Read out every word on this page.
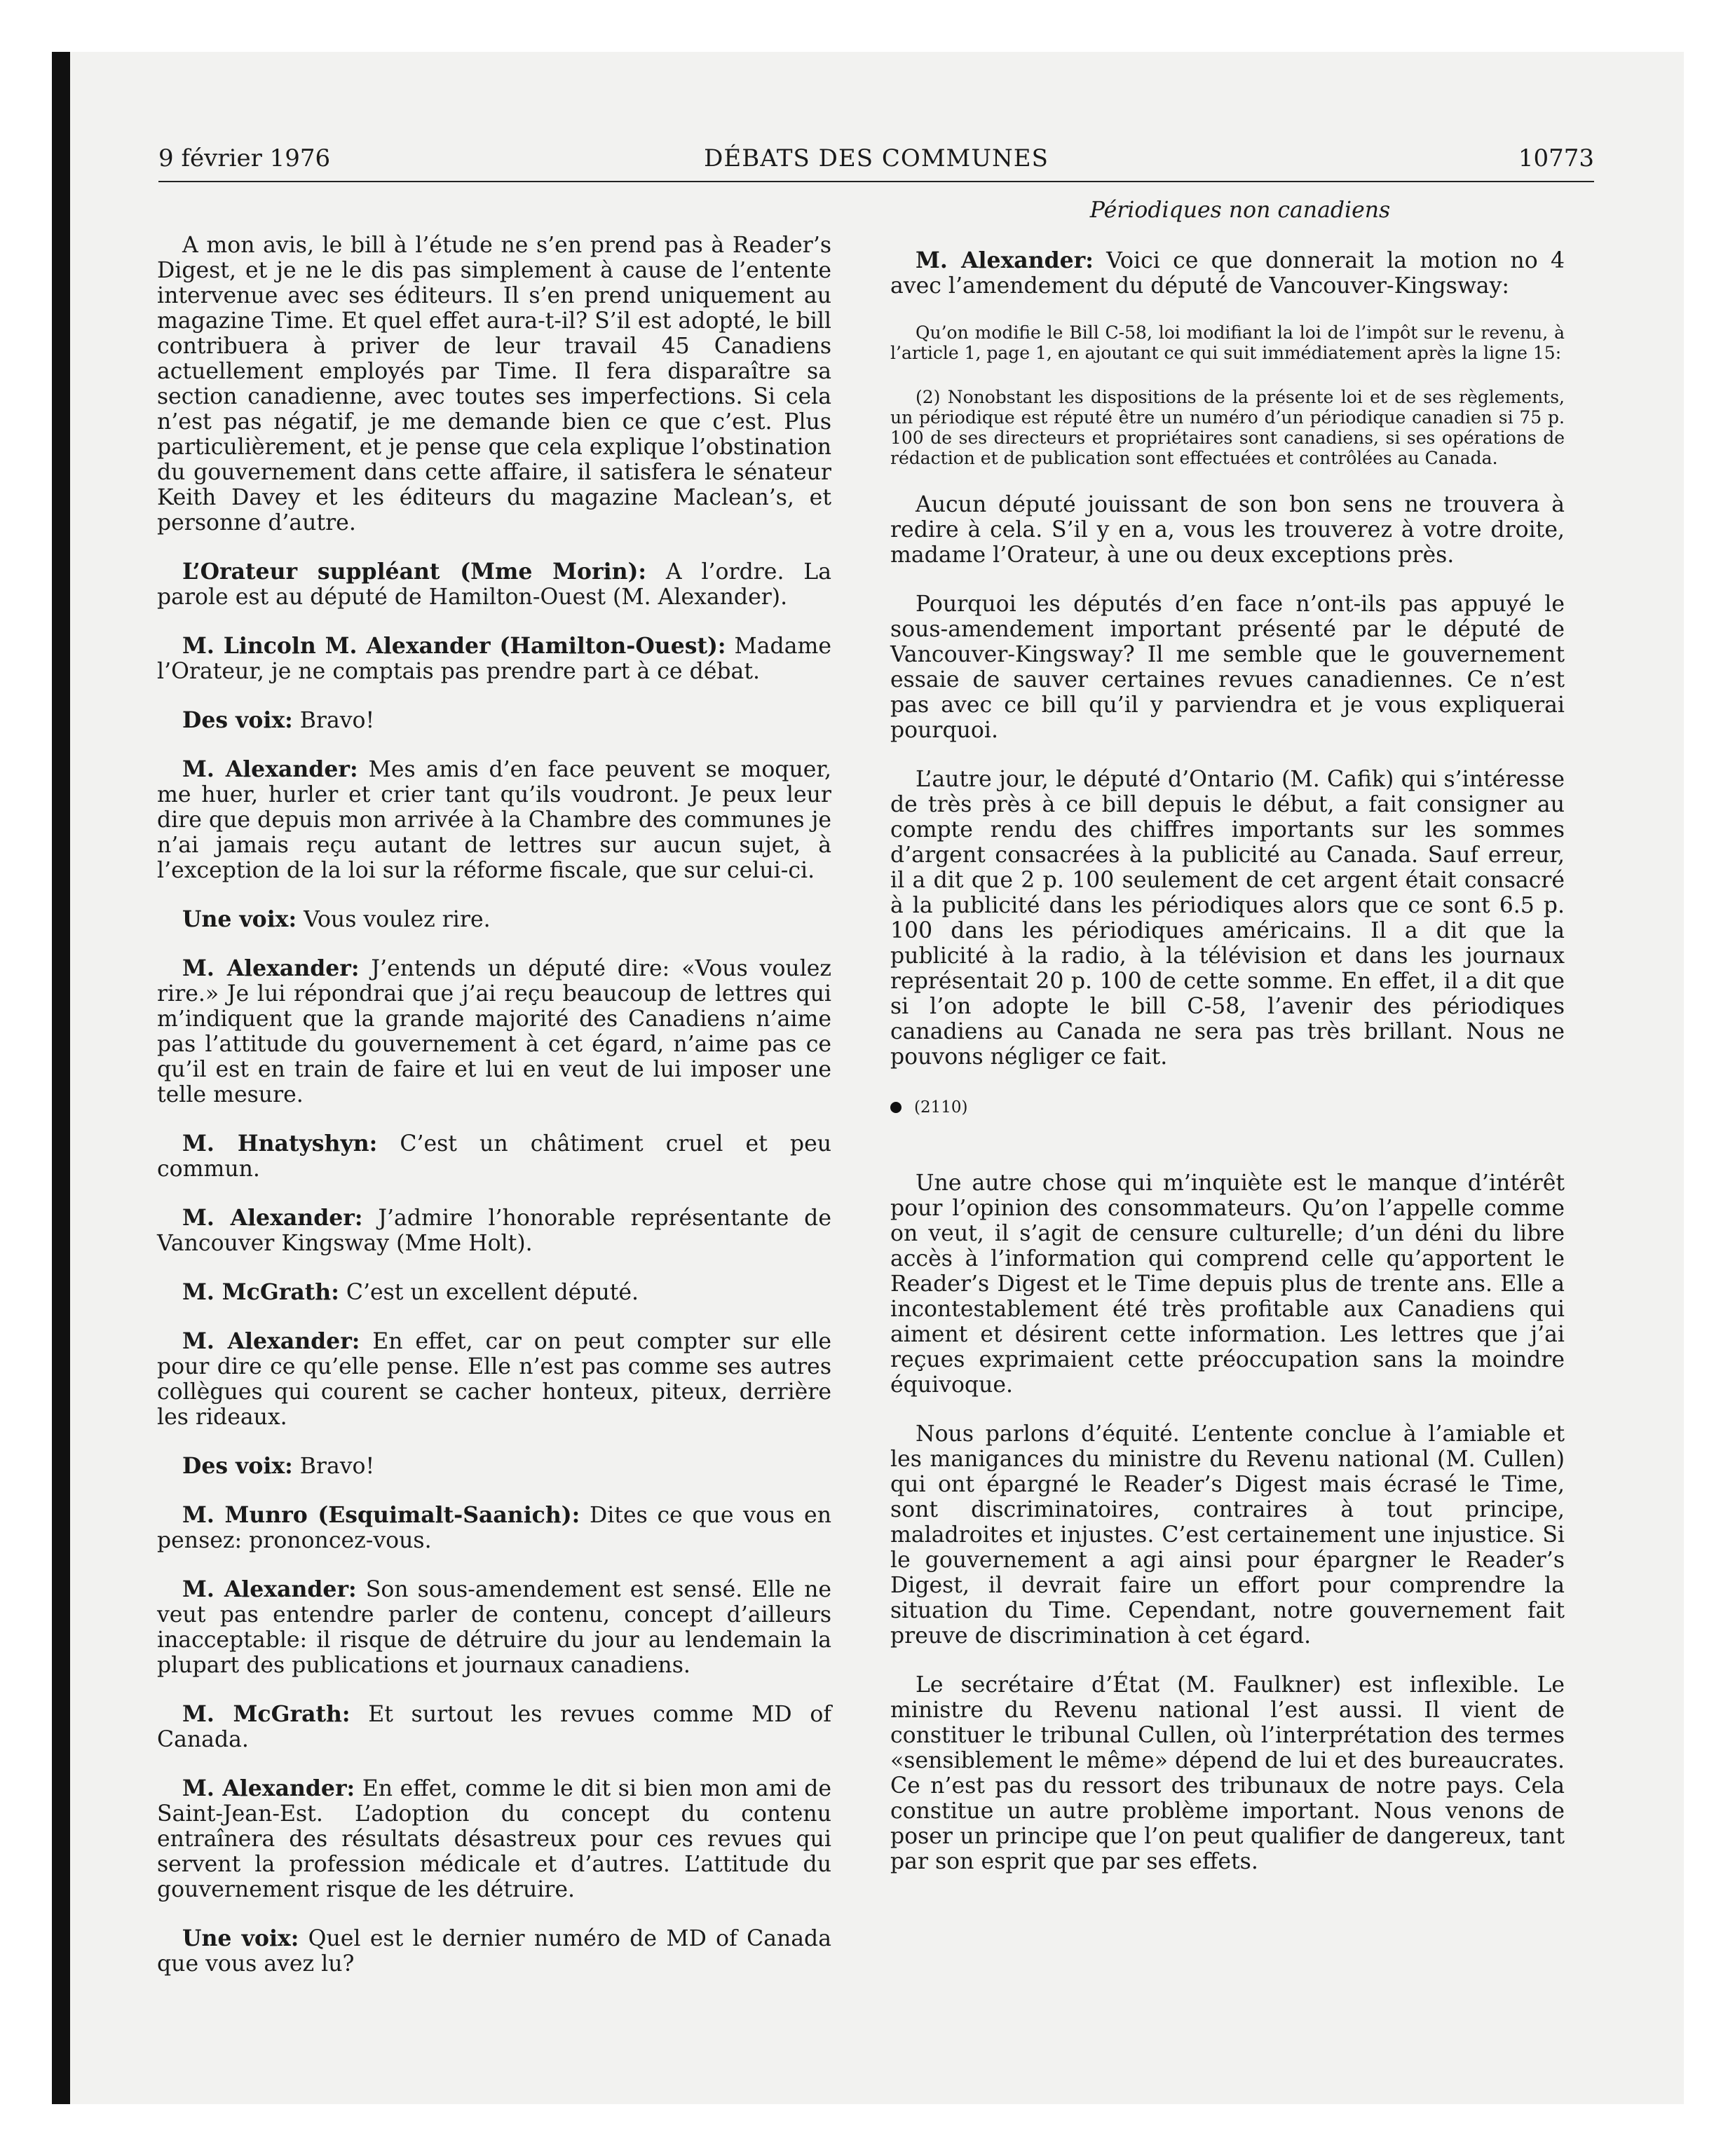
9 février 1976	DÉBATS DES COMMUNES	10773

A mon avis, le bill à l’étude ne s’en prend pas à Reader’s Digest, et je ne le dis pas simplement à cause de l’entente intervenue avec ses éditeurs. Il s’en prend uniquement au magazine Time. Et quel effet aura-t-il? S’il est adopté, le bill contribuera à priver de leur travail 45 Canadiens actuellement employés par Time. Il fera disparaître sa section canadienne, avec toutes ses imperfections. Si cela n’est pas négatif, je me demande bien ce que c’est. Plus particulièrement, et je pense que cela explique l’obstination du gouvernement dans cette affaire, il satisfera le sénateur Keith Davey et les éditeurs du magazine Maclean’s, et personne d’autre.

L’Orateur suppléant (Mme Morin): A l’ordre. La parole est au député de Hamilton-Ouest (M. Alexander).

M. Lincoln M. Alexander (Hamilton-Ouest): Madame l’Orateur, je ne comptais pas prendre part à ce débat.

Des voix: Bravo!

M. Alexander: Mes amis d’en face peuvent se moquer, me huer, hurler et crier tant qu’ils voudront. Je peux leur dire que depuis mon arrivée à la Chambre des communes je n’ai jamais reçu autant de lettres sur aucun sujet, à l’exception de la loi sur la réforme fiscale, que sur celui-ci.

Une voix: Vous voulez rire.

M. Alexander: J’entends un député dire: «Vous voulez rire.» Je lui répondrai que j’ai reçu beaucoup de lettres qui m’indiquent que la grande majorité des Canadiens n’aime pas l’attitude du gouvernement à cet égard, n’aime pas ce qu’il est en train de faire et lui en veut de lui imposer une telle mesure.

M. Hnatyshyn: C’est un châtiment cruel et peu commun.

M. Alexander: J’admire l’honorable représentante de Vancouver Kingsway (Mme Holt).

M. McGrath: C’est un excellent député.

M. Alexander: En effet, car on peut compter sur elle pour dire ce qu’elle pense. Elle n’est pas comme ses autres collègues qui courent se cacher honteux, piteux, derrière les rideaux.

Des voix: Bravo!

M. Munro (Esquimalt-Saanich): Dites ce que vous en pensez: prononcez-vous.

M. Alexander: Son sous-amendement est sensé. Elle ne veut pas entendre parler de contenu, concept d’ailleurs inacceptable: il risque de détruire du jour au lendemain la plupart des publications et journaux canadiens.

M. McGrath: Et surtout les revues comme MD of Canada.

M. Alexander: En effet, comme le dit si bien mon ami de Saint-Jean-Est. L’adoption du concept du contenu entraînera des résultats désastreux pour ces revues qui servent la profession médicale et d’autres. L’attitude du gouvernement risque de les détruire.

Une voix: Quel est le dernier numéro de MD of Canada que vous avez lu?

Périodiques non canadiens

M. Alexander: Voici ce que donnerait la motion no 4 avec l’amendement du député de Vancouver-Kingsway:

Qu’on modifie le Bill C-58, loi modifiant la loi de l’impôt sur le revenu, à l’article 1, page 1, en ajoutant ce qui suit immédiatement après la ligne 15:

(2) Nonobstant les dispositions de la présente loi et de ses règlements, un périodique est réputé être un numéro d’un périodique canadien si 75 p. 100 de ses directeurs et propriétaires sont canadiens, si ses opérations de rédaction et de publication sont effectuées et contrôlées au Canada.

Aucun député jouissant de son bon sens ne trouvera à redire à cela. S’il y en a, vous les trouverez à votre droite, madame l’Orateur, à une ou deux exceptions près.

Pourquoi les députés d’en face n’ont-ils pas appuyé le sous-amendement important présenté par le député de Vancouver-Kingsway? Il me semble que le gouvernement essaie de sauver certaines revues canadiennes. Ce n’est pas avec ce bill qu’il y parviendra et je vous expliquerai pourquoi.

L’autre jour, le député d’Ontario (M. Cafik) qui s’intéresse de très près à ce bill depuis le début, a fait consigner au compte rendu des chiffres importants sur les sommes d’argent consacrées à la publicité au Canada. Sauf erreur, il a dit que 2 p. 100 seulement de cet argent était consacré à la publicité dans les périodiques alors que ce sont 6.5 p. 100 dans les périodiques américains. Il a dit que la publicité à la radio, à la télévision et dans les journaux représentait 20 p. 100 de cette somme. En effet, il a dit que si l’on adopte le bill C-58, l’avenir des périodiques canadiens au Canada ne sera pas très brillant. Nous ne pouvons négliger ce fait.

(2110)

Une autre chose qui m’inquiète est le manque d’intérêt pour l’opinion des consommateurs. Qu’on l’appelle comme on veut, il s’agit de censure culturelle; d’un déni du libre accès à l’information qui comprend celle qu’apportent le Reader’s Digest et le Time depuis plus de trente ans. Elle a incontestablement été très profitable aux Canadiens qui aiment et désirent cette information. Les lettres que j’ai reçues exprimaient cette préoccupation sans la moindre équivoque.

Nous parlons d’équité. L’entente conclue à l’amiable et les manigances du ministre du Revenu national (M. Cullen) qui ont épargné le Reader’s Digest mais écrasé le Time, sont discriminatoires, contraires à tout principe, maladroites et injustes. C’est certainement une injustice. Si le gouvernement a agi ainsi pour épargner le Reader’s Digest, il devrait faire un effort pour comprendre la situation du Time. Cependant, notre gouvernement fait preuve de discrimination à cet égard.

Le secrétaire d’État (M. Faulkner) est inflexible. Le ministre du Revenu national l’est aussi. Il vient de constituer le tribunal Cullen, où l’interprétation des termes «sensiblement le même» dépend de lui et des bureaucrates. Ce n’est pas du ressort des tribunaux de notre pays. Cela constitue un autre problème important. Nous venons de poser un principe que l’on peut qualifier de dangereux, tant par son esprit que par ses effets.
